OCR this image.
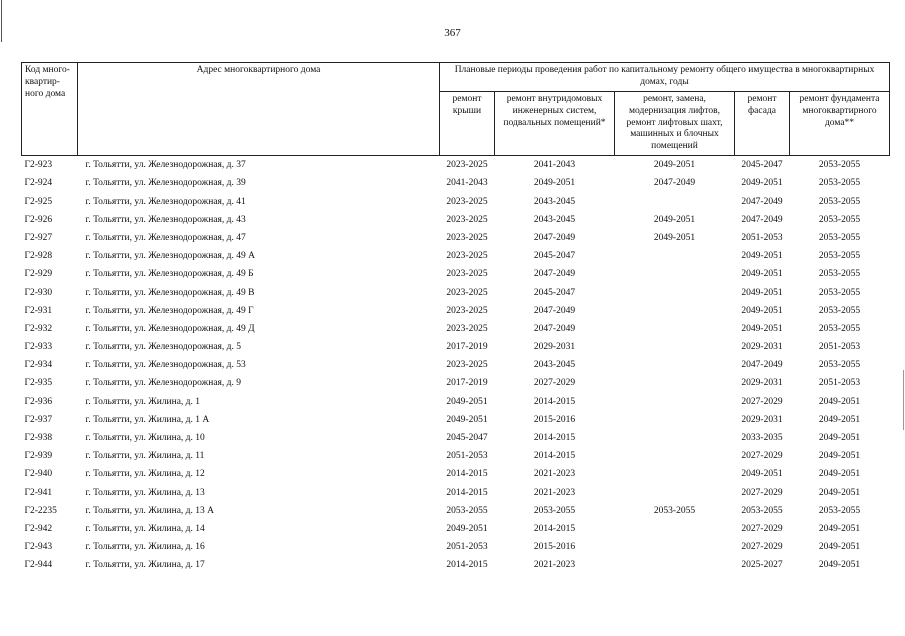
367
Код много-квартир-ного дома	Адрес многоквартирного дома	Плановые периоды проведения работ по капитальному ремонту общего имущества в многоквартирных домах, годы				
		ремонт крыши	ремонт внутридомовых инженерных систем, подвальных помещений*	ремонт, замена, модернизация лифтов, ремонт лифтовых шахт, машинных и блочных помещений	ремонт фасада	ремонт фундамента многоквартирного дома**
Г2-923	г. Тольятти, ул. Железнодорожная, д. 37	2023-2025	2041-2043	2049-2051	2045-2047	2053-2055
Г2-924	г. Тольятти, ул. Железнодорожная, д. 39	2041-2043	2049-2051	2047-2049	2049-2051	2053-2055
Г2-925	г. Тольятти, ул. Железнодорожная, д. 41	2023-2025	2043-2045		2047-2049	2053-2055
Г2-926	г. Тольятти, ул. Железнодорожная, д. 43	2023-2025	2043-2045	2049-2051	2047-2049	2053-2055
Г2-927	г. Тольятти, ул. Железнодорожная, д. 47	2023-2025	2047-2049	2049-2051	2051-2053	2053-2055
Г2-928	г. Тольятти, ул. Железнодорожная, д. 49 А	2023-2025	2045-2047		2049-2051	2053-2055
Г2-929	г. Тольятти, ул. Железнодорожная, д. 49 Б	2023-2025	2047-2049		2049-2051	2053-2055
Г2-930	г. Тольятти, ул. Железнодорожная, д. 49 В	2023-2025	2045-2047		2049-2051	2053-2055
Г2-931	г. Тольятти, ул. Железнодорожная, д. 49 Г	2023-2025	2047-2049		2049-2051	2053-2055
Г2-932	г. Тольятти, ул. Железнодорожная, д. 49 Д	2023-2025	2047-2049		2049-2051	2053-2055
Г2-933	г. Тольятти, ул. Железнодорожная, д. 5	2017-2019	2029-2031		2029-2031	2051-2053
Г2-934	г. Тольятти, ул. Железнодорожная, д. 53	2023-2025	2043-2045		2047-2049	2053-2055
Г2-935	г. Тольятти, ул. Железнодорожная, д. 9	2017-2019	2027-2029		2029-2031	2051-2053
Г2-936	г. Тольятти, ул. Жилина, д. 1	2049-2051	2014-2015		2027-2029	2049-2051
Г2-937	г. Тольятти, ул. Жилина, д. 1 А	2049-2051	2015-2016		2029-2031	2049-2051
Г2-938	г. Тольятти, ул. Жилина, д. 10	2045-2047	2014-2015		2033-2035	2049-2051
Г2-939	г. Тольятти, ул. Жилина, д. 11	2051-2053	2014-2015		2027-2029	2049-2051
Г2-940	г. Тольятти, ул. Жилина, д. 12	2014-2015	2021-2023		2049-2051	2049-2051
Г2-941	г. Тольятти, ул. Жилина, д. 13	2014-2015	2021-2023		2027-2029	2049-2051
Г2-2235	г. Тольятти, ул. Жилина, д. 13 А	2053-2055	2053-2055	2053-2055	2053-2055	2053-2055
Г2-942	г. Тольятти, ул. Жилина, д. 14	2049-2051	2014-2015		2027-2029	2049-2051
Г2-943	г. Тольятти, ул. Жилина, д. 16	2051-2053	2015-2016		2027-2029	2049-2051
Г2-944	г. Тольятти, ул. Жилина, д. 17	2014-2015	2021-2023		2025-2027	2049-2051
